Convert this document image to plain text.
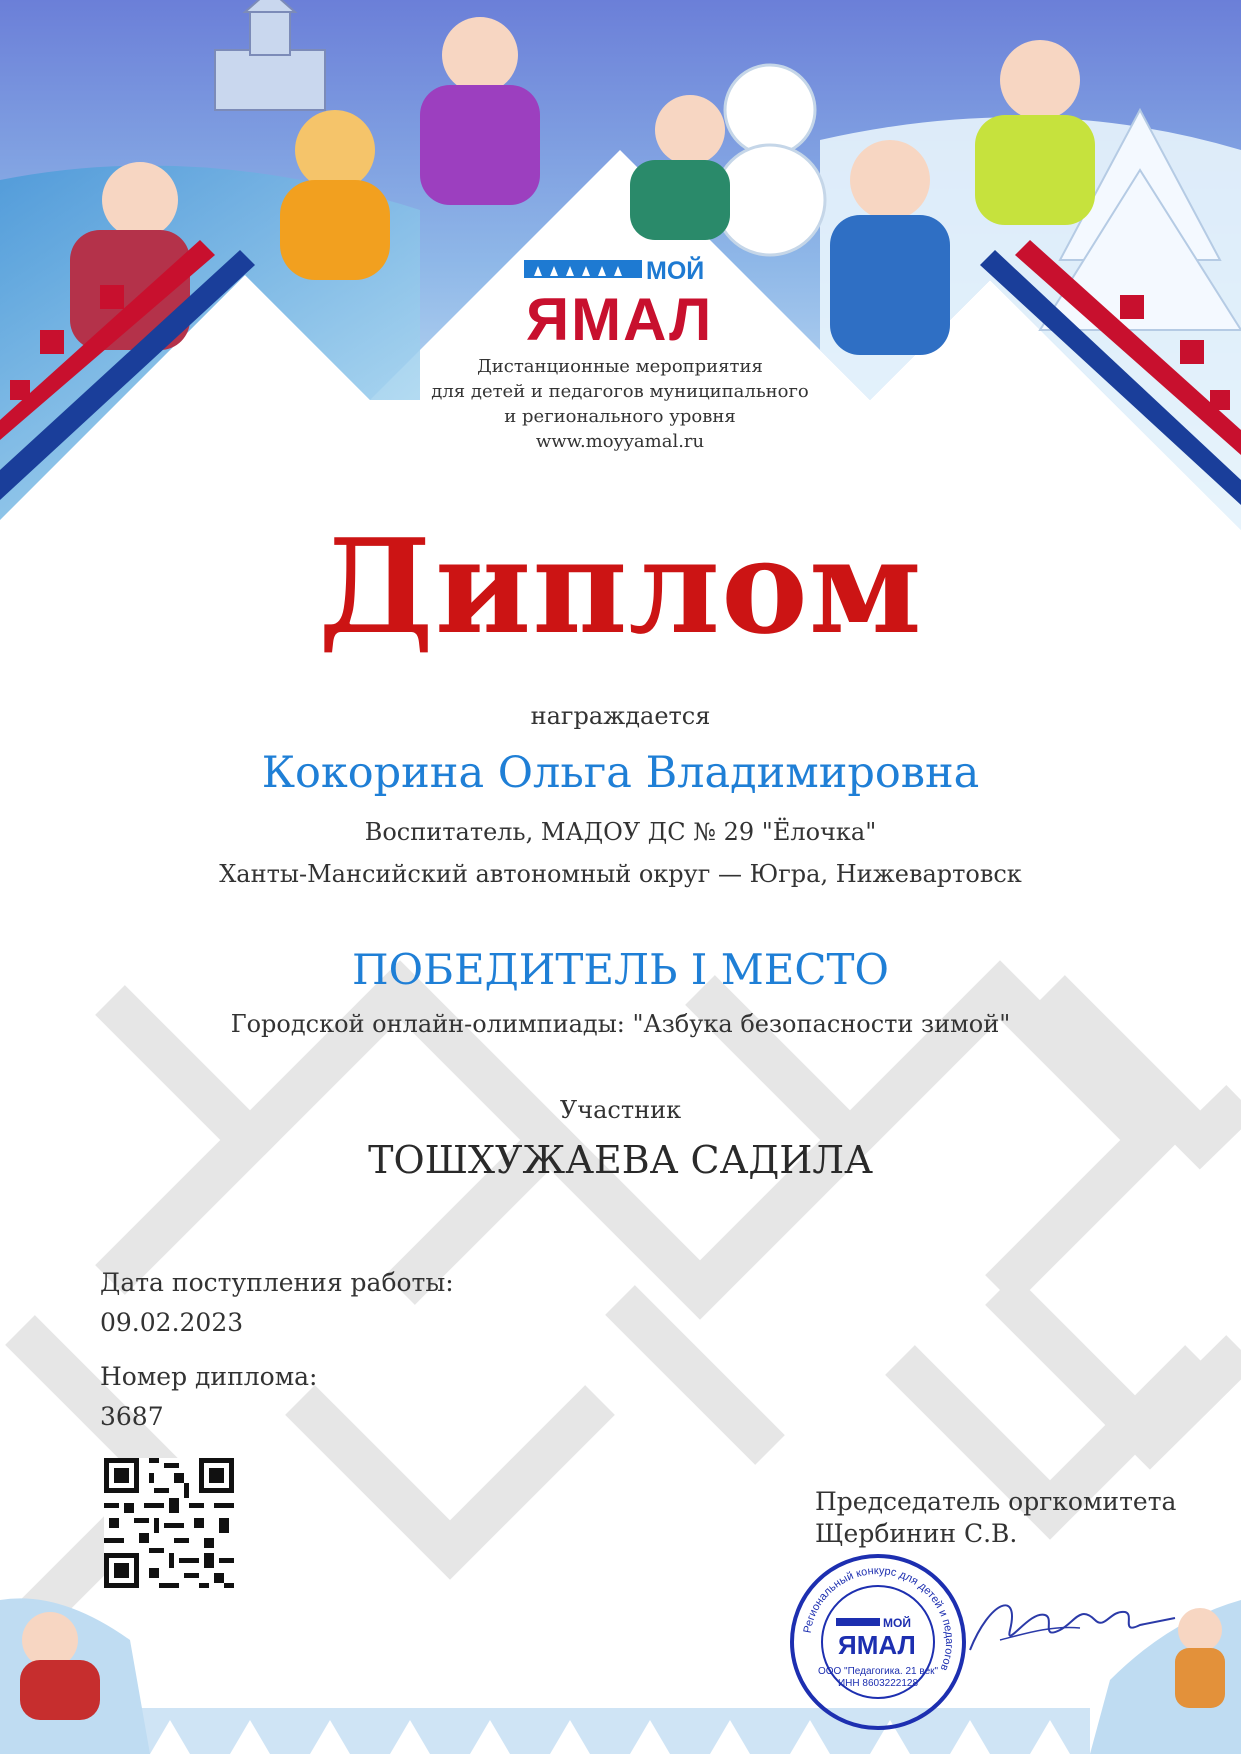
МОЙ
ЯМАЛ
Дистанционные мероприятия
для детей и педагогов муниципального
и регионального уровня
www.moyyamal.ru
Диплом
награждается
Кокорина Ольга Владимировна
Воспитатель, МАДОУ ДС № 29 "Ёлочка"
Ханты-Мансийский автономный округ — Югра, Нижевартовск
ПОБЕДИТЕЛЬ I МЕСТО
Городской онлайн-олимпиады: "Азбука безопасности зимой"
Участник
ТОШХУЖАЕВА САДИЛА
Дата поступления работы:
09.02.2023
Номер диплома:
3687
Председатель оргкомитета
Щербинин С.В.
Региональный конкурс для детей и педагогов
МОЙ
ЯМАЛ
ООО "Педагогика. 21 век"
ИНН 8603222128
